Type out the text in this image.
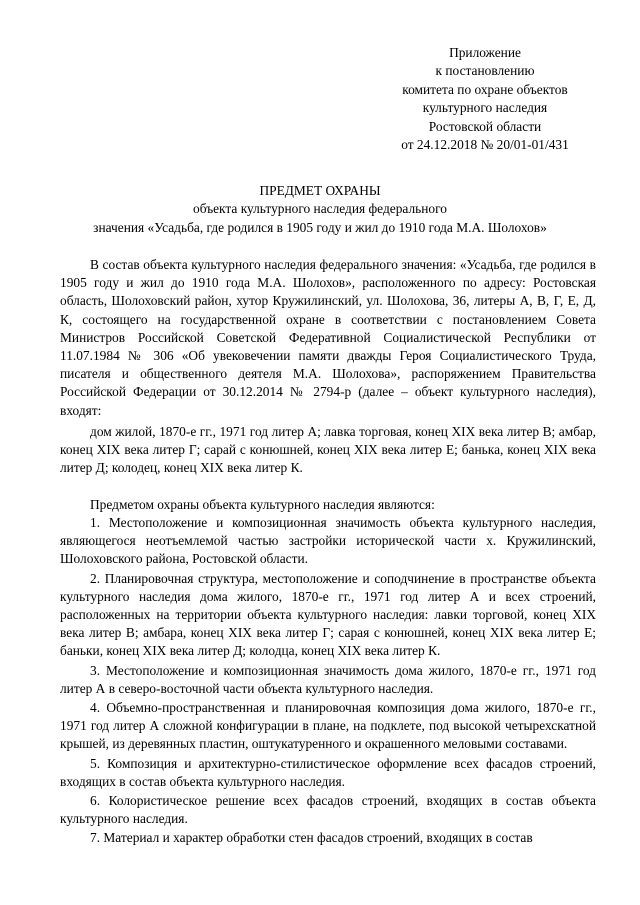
Приложение
к постановлению
комитета по охране объектов
культурного наследия
Ростовской области
от 24.12.2018 № 20/01-01/431
ПРЕДМЕТ ОХРАНЫ
объекта культурного наследия федерального
значения «Усадьба, где родился в 1905 году и жил до 1910 года М.А. Шолохов»

В состав объекта культурного наследия федерального значения: «Усадьба, где родился в 1905 году и жил до 1910 года М.А. Шолохов», расположенного по адресу: Ростовская область, Шолоховский район, хутор Кружилинский, ул. Шолохова, 36, литеры А, В, Г, Е, Д, К, состоящего на государственной охране в соответствии с постановлением Совета Министров Российской Советской Федеративной Социалистической Республики от 11.07.1984 № 306 «Об увековечении памяти дважды Героя Социалистического Труда, писателя и общественного деятеля М.А. Шолохова», распоряжением Правительства Российской Федерации от 30.12.2014 № 2794-р (далее – объект культурного наследия), входят:

дом жилой, 1870-е гг., 1971 год литер А; лавка торговая, конец XIX века литер В; амбар, конец XIX века литер Г; сарай с конюшней, конец XIX века литер Е; банька, конец XIX века литер Д; колодец, конец XIX века литер К.

Предметом охраны объекта культурного наследия являются:

1. Местоположение и композиционная значимость объекта культурного наследия, являющегося неотъемлемой частью застройки исторической части х. Кружилинский, Шолоховского района, Ростовской области.

2. Планировочная структура, местоположение и соподчинение в пространстве объекта культурного наследия дома жилого, 1870-е гг., 1971 год литер А и всех строений, расположенных на территории объекта культурного наследия: лавки торговой, конец XIX века литер В; амбара, конец XIX века литер Г; сарая с конюшней, конец XIX века литер Е; баньки, конец XIX века литер Д; колодца, конец XIX века литер К.

3. Местоположение и композиционная значимость дома жилого, 1870-е гг., 1971 год литер А в северо-восточной части объекта культурного наследия.

4. Объемно-пространственная и планировочная композиция дома жилого, 1870-е гг., 1971 год литер А сложной конфигурации в плане, на подклете, под высокой четырехскатной крышей, из деревянных пластин, оштукатуренного и окрашенного меловыми составами.

5. Композиция и архитектурно-стилистическое оформление всех фасадов строений, входящих в состав объекта культурного наследия.

6. Колористическое решение всех фасадов строений, входящих в состав объекта культурного наследия.

7. Материал и характер обработки стен фасадов строений, входящих в состав
